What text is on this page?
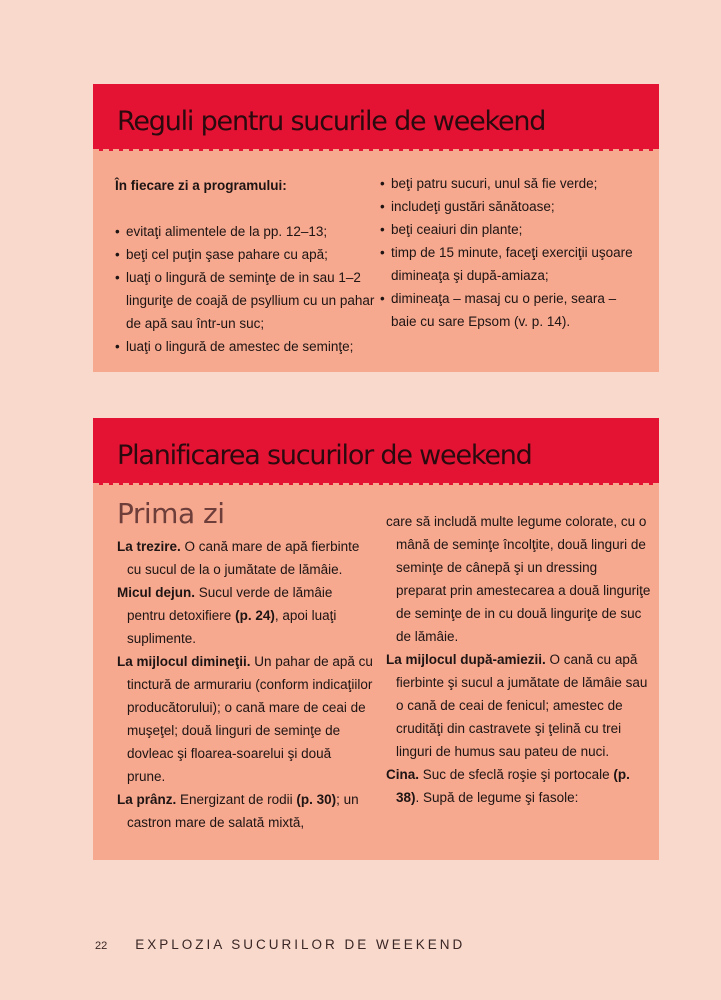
Reguli pentru sucurile de weekend

În fiecare zi a programului:

• evitaţi alimentele de la pp. 12–13;
• beţi cel puţin şase pahare cu apă;
• luaţi o lingură de seminţe de in sau 1–2 linguriţe de coajă de psyllium cu un pahar de apă sau într-un suc;
• luaţi o lingură de amestec de seminţe;
• beţi patru sucuri, unul să fie verde;
• includeţi gustări sănătoase;
• beţi ceaiuri din plante;
• timp de 15 minute, faceţi exerciţii uşoare dimineaţa şi după-amiaza;
• dimineaţa – masaj cu o perie, seara – baie cu sare Epsom (v. p. 14).
Planificarea sucurilor de weekend
Prima zi

La trezire. O cană mare de apă fierbinte cu sucul de la o jumătate de lămâie.

Micul dejun. Sucul verde de lămâie pentru detoxifiere (p. 24), apoi luaţi suplimente.

La mijlocul dimineţii. Un pahar de apă cu tinctură de armurariu (conform indicaţiilor producătorului); o cană mare de ceai de muşeţel; două linguri de seminţe de dovleac şi floarea-soarelui şi două prune.

La prânz. Energizant de rodii (p. 30); un castron mare de salată mixtă,

care să includă multe legume colorate, cu o mână de seminţe încolţite, două linguri de seminţe de cânepă şi un dressing preparat prin amestecarea a două linguriţe de seminţe de in cu două linguriţe de suc de lămâie.

La mijlocul după-amiezii. O cană cu apă fierbinte şi sucul a jumătate de lămâie sau o cană de ceai de fenicul; amestec de crudităţi din castravete şi ţelină cu trei linguri de humus sau pateu de nuci.

Cina. Suc de sfeclă roşie şi portocale (p. 38). Supă de legume şi fasole:

22 EXPLOZIA SUCURILOR DE WEEKEND
